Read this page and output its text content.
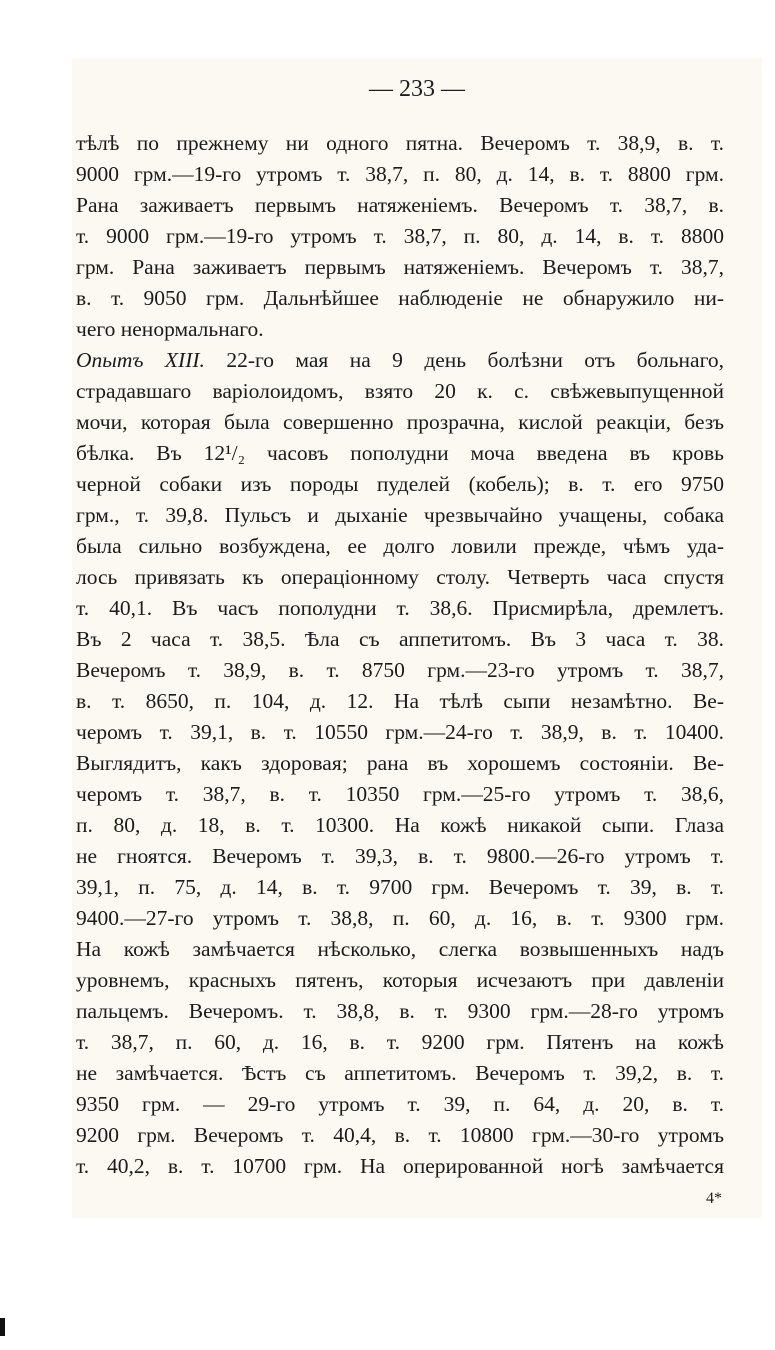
— 233 —
тѣлѣ по прежнему ни одного пятна. Вечеромъ т. 38,9, в. т.
9000 грм.—19-го утромъ т. 38,7, п. 80, д. 14, в. т. 8800 грм.
Рана заживаетъ первымъ натяженіемъ. Вечеромъ т. 38,7, в.
т. 9000 грм.—19-го утромъ т. 38,7, п. 80, д. 14, в. т. 8800
грм. Рана заживаетъ первымъ натяженіемъ. Вечеромъ т. 38,7,
в. т. 9050 грм. Дальнѣйшее наблюденіе не обнаружило ни-
чего ненормальнаго.
Опытъ XIII. 22-го мая на 9 день болѣзни отъ больнаго,
страдавшаго варіолоидомъ, взято 20 к. с. свѣжевыпущенной
мочи, которая была совершенно прозрачна, кислой реакціи, безъ
бѣлка. Въ 12¹/₂ часовъ пополудни моча введена въ кровь
черной собаки изъ породы пуделей (кобель); в. т. его 9750
грм., т. 39,8. Пульсъ и дыханіе чрезвычайно учащены, собака
была сильно возбуждена, ее долго ловили прежде, чѣмъ уда-
лось привязать къ операціонному столу. Четверть часа спустя
т. 40,1. Въ часъ пополудни т. 38,6. Присмирѣла, дремлетъ.
Въ 2 часа т. 38,5. Ѣла съ аппетитомъ. Въ 3 часа т. 38.
Вечеромъ т. 38,9, в. т. 8750 грм.—23-го утромъ т. 38,7,
в. т. 8650, п. 104, д. 12. На тѣлѣ сыпи незамѣтно. Ве-
черомъ т. 39,1, в. т. 10550 грм.—24-го т. 38,9, в. т. 10400.
Выглядитъ, какъ здоровая; рана въ хорошемъ состояніи. Ве-
черомъ т. 38,7, в. т. 10350 грм.—25-го утромъ т. 38,6,
п. 80, д. 18, в. т. 10300. На кожѣ никакой сыпи. Глаза
не гноятся. Вечеромъ т. 39,3, в. т. 9800.—26-го утромъ т.
39,1, п. 75, д. 14, в. т. 9700 грм. Вечеромъ т. 39, в. т.
9400.—27-го утромъ т. 38,8, п. 60, д. 16, в. т. 9300 грм.
На кожѣ замѣчается нѣсколько, слегка возвышенныхъ надъ
уровнемъ, красныхъ пятенъ, которыя исчезаютъ при давленіи
пальцемъ. Вечеромъ. т. 38,8, в. т. 9300 грм.—28-го утромъ
т. 38,7, п. 60, д. 16, в. т. 9200 грм. Пятенъ на кожѣ
не замѣчается. Ѣстъ съ аппетитомъ. Вечеромъ т. 39,2, в. т.
9350 грм. — 29-го утромъ т. 39, п. 64, д. 20, в. т.
9200 грм. Вечеромъ т. 40,4, в. т. 10800 грм.—30-го утромъ
т. 40,2, в. т. 10700 грм. На оперированной ногѣ замѣчается
4*
